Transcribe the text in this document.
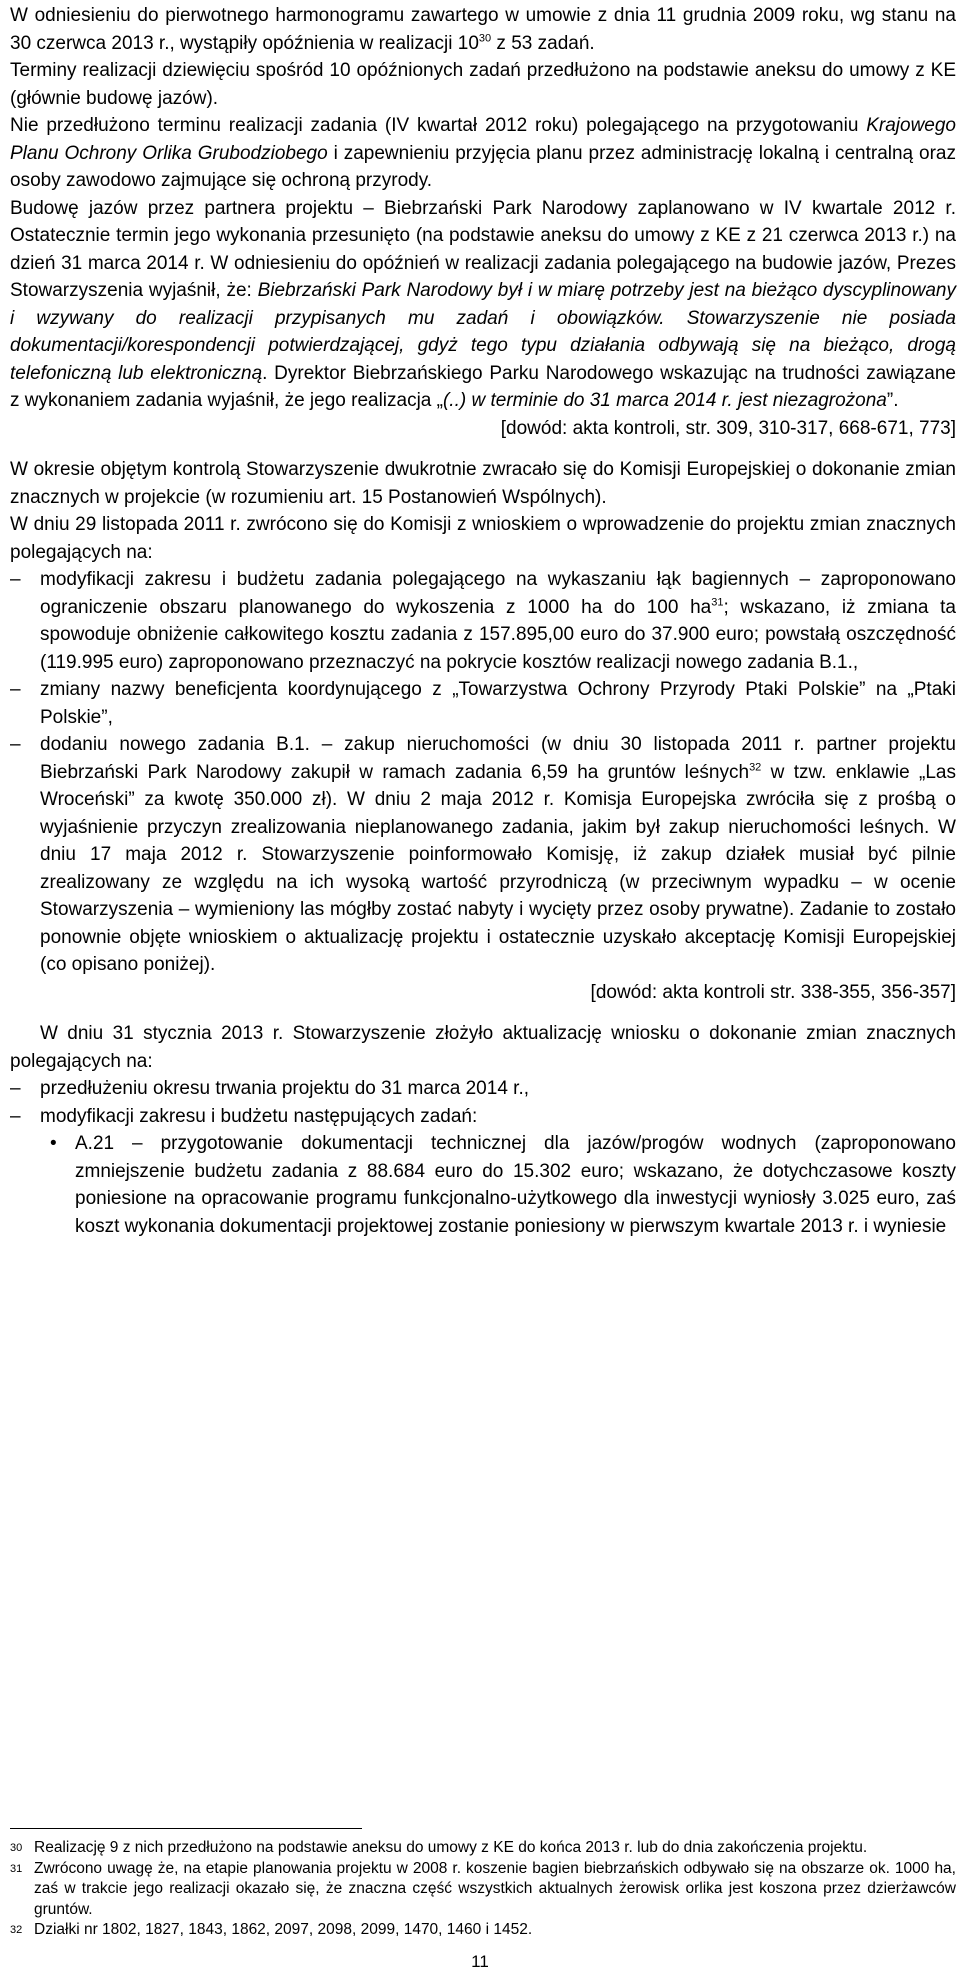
W odniesieniu do pierwotnego harmonogramu zawartego w umowie z dnia 11 grudnia 2009 roku, wg stanu na 30 czerwca 2013 r., wystąpiły opóźnienia w realizacji 10$^{30}$ z 53 zadań.

Terminy realizacji dziewięciu spośród 10 opóźnionych zadań przedłużono na podstawie aneksu do umowy z KE (głównie budowę jazów).

Nie przedłużono terminu realizacji zadania (IV kwartał 2012 roku) polegającego na przygotowaniu Krajowego Planu Ochrony Orlika Grubodziobego i zapewnieniu przyjęcia planu przez administrację lokalną i centralną oraz osoby zawodowo zajmujące się ochroną przyrody.

Budowę jazów przez partnera projektu – Biebrzański Park Narodowy zaplanowano w IV kwartale 2012 r. Ostatecznie termin jego wykonania przesunięto (na podstawie aneksu do umowy z KE z 21 czerwca 2013 r.) na dzień 31 marca 2014 r. W odniesieniu do opóźnień w realizacji zadania polegającego na budowie jazów, Prezes Stowarzyszenia wyjaśnił, że: Biebrzański Park Narodowy był i w miarę potrzeby jest na bieżąco dyscyplinowany i wzywany do realizacji przypisanych mu zadań i obowiązków. Stowarzyszenie nie posiada dokumentacji/korespondencji potwierdzającej, gdyż tego typu działania odbywają się na bieżąco, drogą telefoniczną lub elektroniczną. Dyrektor Biebrzańskiego Parku Narodowego wskazując na trudności zawiązane z wykonaniem zadania wyjaśnił, że jego realizacja „(..) w terminie do 31 marca 2014 r. jest niezagrożona”.

[dowód: akta kontroli, str. 309, 310-317, 668-671, 773]

W okresie objętym kontrolą Stowarzyszenie dwukrotnie zwracało się do Komisji Europejskiej o dokonanie zmian znacznych w projekcie (w rozumieniu art. 15 Postanowień Wspólnych).

W dniu 29 listopada 2011 r. zwrócono się do Komisji z wnioskiem o wprowadzenie do projektu zmian znacznych polegających na:

– modyfikacji zakresu i budżetu zadania polegającego na wykaszaniu łąk bagiennych – zaproponowano ograniczenie obszaru planowanego do wykoszenia z 1000 ha do 100 ha$^{31}$; wskazano, iż zmiana ta spowoduje obniżenie całkowitego kosztu zadania z 157.895,00 euro do 37.900 euro; powstałą oszczędność (119.995 euro) zaproponowano przeznaczyć na pokrycie kosztów realizacji nowego zadania B.1.,

– zmiany nazwy beneficjenta koordynującego z „Towarzystwa Ochrony Przyrody Ptaki Polskie” na „Ptaki Polskie”,

– dodaniu nowego zadania B.1. – zakup nieruchomości (w dniu 30 listopada 2011 r. partner projektu Biebrzański Park Narodowy zakupił w ramach zadania 6,59 ha gruntów leśnych$^{32}$ w tzw. enklawie „Las Wroceński” za kwotę 350.000 zł). W dniu 2 maja 2012 r. Komisja Europejska zwróciła się z prośbą o wyjaśnienie przyczyn zrealizowania nieplanowanego zadania, jakim był zakup nieruchomości leśnych. W dniu 17 maja 2012 r. Stowarzyszenie poinformowało Komisję, iż zakup działek musiał być pilnie zrealizowany ze względu na ich wysoką wartość przyrodniczą (w przeciwnym wypadku – w ocenie Stowarzyszenia – wymieniony las mógłby zostać nabyty i wycięty przez osoby prywatne). Zadanie to zostało ponownie objęte wnioskiem o aktualizację projektu i ostatecznie uzyskało akceptację Komisji Europejskiej (co opisano poniżej).

[dowód: akta kontroli str. 338-355, 356-357]

W dniu 31 stycznia 2013 r. Stowarzyszenie złożyło aktualizację wniosku o dokonanie zmian znacznych polegających na:

– przedłużeniu okresu trwania projektu do 31 marca 2014 r.,

– modyfikacji zakresu i budżetu następujących zadań:

• A.21 – przygotowanie dokumentacji technicznej dla jazów/progów wodnych (zaproponowano zmniejszenie budżetu zadania z 88.684 euro do 15.302 euro; wskazano, że dotychczasowe koszty poniesione na opracowanie programu funkcjonalno-użytkowego dla inwestycji wyniosły 3.025 euro, zaś koszt wykonania dokumentacji projektowej zostanie poniesiony w pierwszym kwartale 2013 r. i wyniesie

30 Realizację 9 z nich przedłużono na podstawie aneksu do umowy z KE do końca 2013 r. lub do dnia zakończenia projektu.

31 Zwrócono uwagę że, na etapie planowania projektu w 2008 r. koszenie bagien biebrzańskich odbywało się na obszarze ok. 1000 ha, zaś w trakcie jego realizacji okazało się, że znaczna część wszystkich aktualnych żerowisk orlika jest koszona przez dzierżawców gruntów.

32 Działki nr 1802, 1827, 1843, 1862, 2097, 2098, 2099, 1470, 1460 i 1452.

11
